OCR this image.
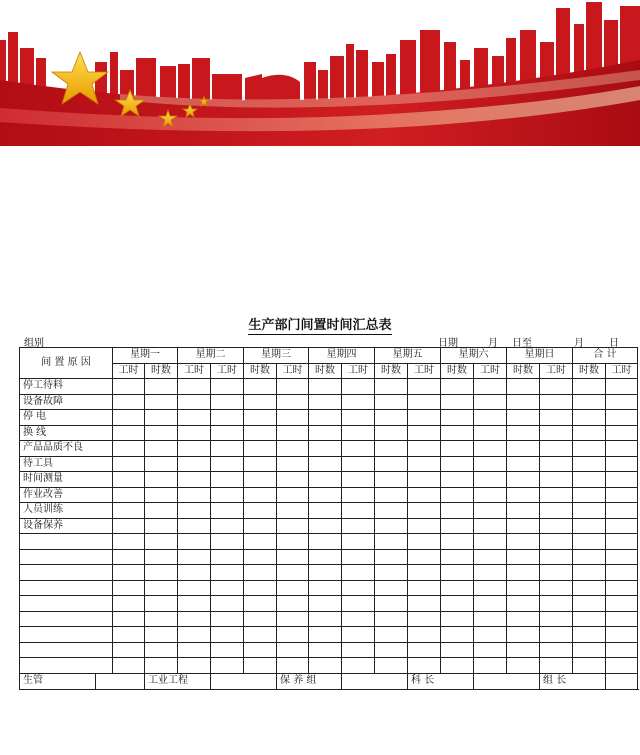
生产部门间置时间汇总表
组别	日期	月 日至	月	日
间 置 原 因		星期一		星期二		星期三		星期四		星期五		星期六		星期日		合 计	
		工时	时数	工时	工时	时数	工时	时数	工时	时数	工时	时数	工时	时数	工时	时数	工时
停工待料																	
设备故障																	
停 电																	
换 线																	
产品品质不良																	
待工具																	
时间测量																	
作业改善																	
人员训练																	
设备保养																	

生管			工业工程				保 养 组				科 长				组 长		
